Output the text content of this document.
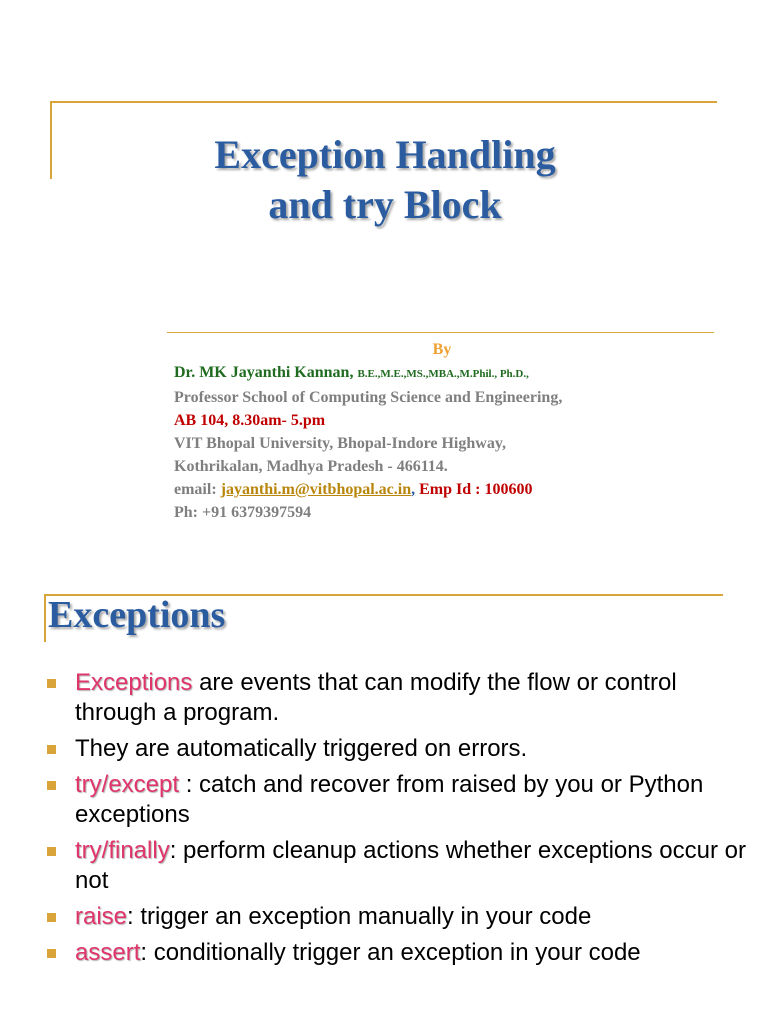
Exception Handling
and try Block
By
Dr. MK Jayanthi Kannan, B.E.,M.E.,MS.,MBA.,M.Phil., Ph.D.,
Professor School of Computing Science and Engineering,
AB 104, 8.30am- 5.pm
VIT Bhopal University, Bhopal-Indore Highway,
Kothrikalan, Madhya Pradesh - 466114.
email: jayanthi.m@vitbhopal.ac.in, Emp Id : 100600
Ph: +91 6379397594
Exceptions
Exceptions are events that can modify the flow or control through a program.
They are automatically triggered on errors.
try/except : catch and recover from raised by you or Python exceptions
try/finally: perform cleanup actions whether exceptions occur or not
raise: trigger an exception manually in your code
assert: conditionally trigger an exception in your code
